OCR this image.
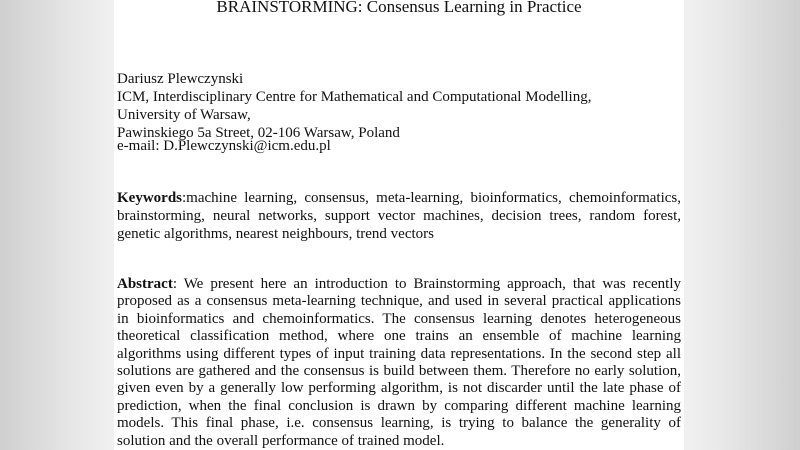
BRAINSTORMING: Consensus Learning in Practice
Dariusz Plewczynski
ICM, Interdisciplinary Centre for Mathematical and Computational Modelling,
University of Warsaw,
Pawinskiego 5a Street, 02-106 Warsaw, Poland
e-mail: D.Plewczynski@icm.edu.pl
Keywords:machine learning, consensus, meta-learning, bioinformatics, chemoinformatics,
brainstorming, neural networks, support vector machines, decision trees, random forest,
genetic algorithms, nearest neighbours, trend vectors
Abstract: We present here an introduction to Brainstorming approach, that was recently
proposed as a consensus meta-learning technique, and used in several practical applications
in bioinformatics and chemoinformatics. The consensus learning denotes heterogeneous
theoretical classification method, where one trains an ensemble of machine learning
algorithms using different types of input training data representations. In the second step all
solutions are gathered and the consensus is build between them. Therefore no early solution,
given even by a generally low performing algorithm, is not discarder until the late phase of
prediction, when the final conclusion is drawn by comparing different machine learning
models. This final phase, i.e. consensus learning, is trying to balance the generality of
solution and the overall performance of trained model.
